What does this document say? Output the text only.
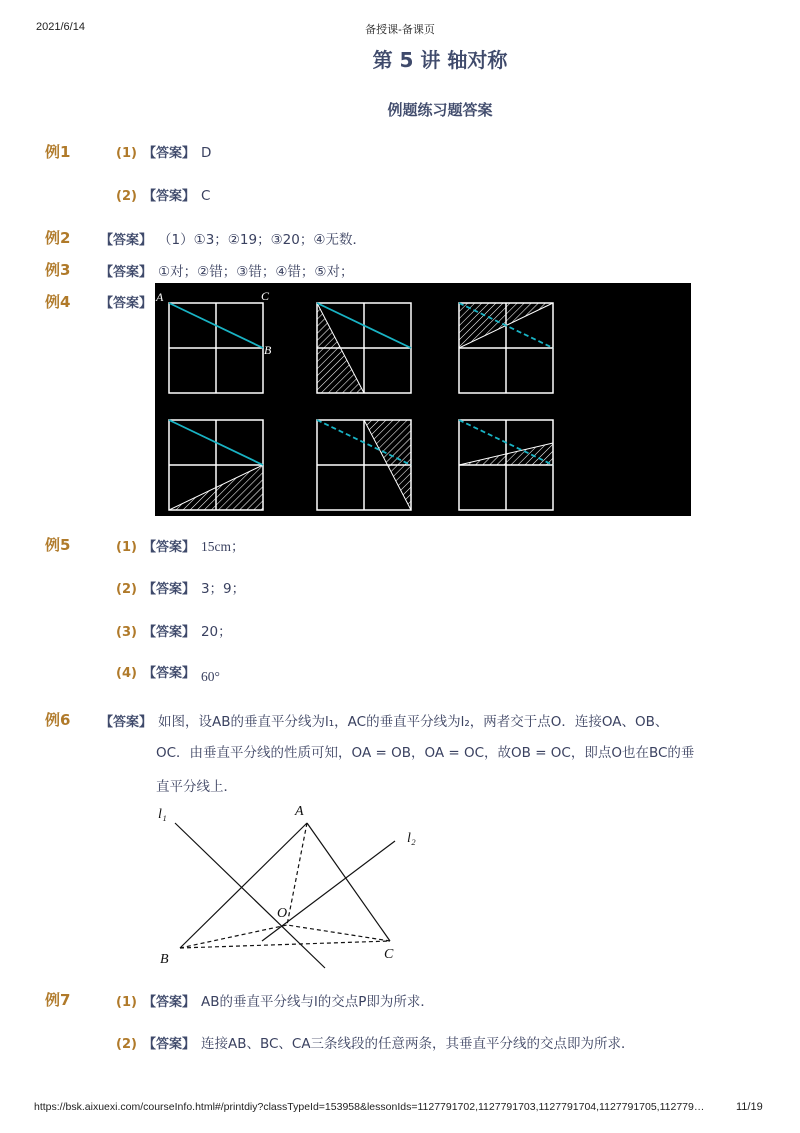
2021/6/14	备授课-备课页
第 5 讲 轴对称
例题练习题答案
例1	(1) 【答案】 D
(2) 【答案】 C
例2 【答案】 （1）①3；②19；③20；④无数．
例3 【答案】 ①对；②错；③错；④错；⑤对；
例4 【答案】 A	C
B
例5	(1) 【答案】 15cm；
(2) 【答案】 3；9；
(3) 【答案】 20；
(4) 【答案】 60°
例6 【答案】 如图，设AB的垂直平分线为l₁，AC的垂直平分线为l₂，两者交于点O．连接OA、OB、
OC．由垂直平分线的性质可知，OA = OB，OA = OC，故OB = OC，即点O也在BC的垂
直平分线上．
l₁	A
l₂
O
B	C
例7	(1) 【答案】 AB的垂直平分线与l的交点P即为所求．
(2) 【答案】 连接AB、BC、CA三条线段的任意两条，其垂直平分线的交点即为所求．
https://bsk.aixuexi.com/courseInfo.html#/printdiy?classTypeId=153958&lessonIds=1127791702,1127791703,1127791704,1127791705,112779…	11/19
